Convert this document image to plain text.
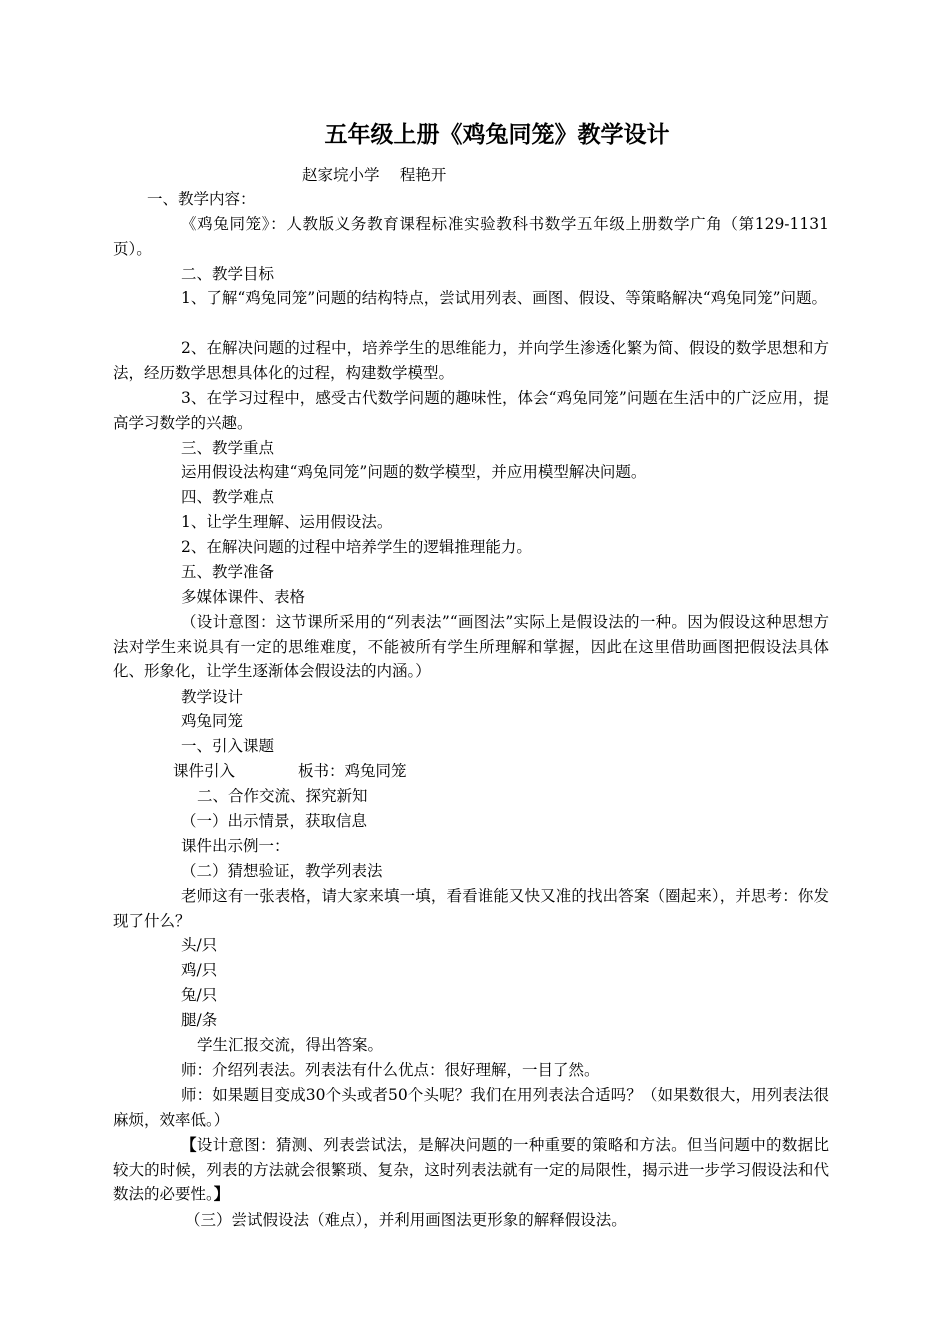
五年级上册《鸡兔同笼》教学设计
赵家垸小学　 程艳开
一、教学内容：
《鸡兔同笼》：人教版义务教育课程标准实验教科书数学五年级上册数学广角（第129-1131页）。
二、教学目标
1、了解“鸡兔同笼”问题的结构特点，尝试用列表、画图、假设、等策略解决“鸡兔同笼”问题。
2、在解决问题的过程中，培养学生的思维能力，并向学生渗透化繁为简、假设的数学思想和方法，经历数学思想具体化的过程，构建数学模型。
3、在学习过程中，感受古代数学问题的趣味性，体会“鸡兔同笼”问题在生活中的广泛应用，提高学习数学的兴趣。
三、教学重点
运用假设法构建“鸡兔同笼”问题的数学模型，并应用模型解决问题。
四、教学难点
1、让学生理解、运用假设法。
2、在解决问题的过程中培养学生的逻辑推理能力。
五、教学准备
多媒体课件、表格
（设计意图：这节课所采用的“列表法”“画图法”实际上是假设法的一种。因为假设这种思想方法对学生来说具有一定的思维难度，不能被所有学生所理解和掌握，因此在这里借助画图把假设法具体化、形象化，让学生逐渐体会假设法的内涵。）
教学设计
鸡兔同笼
一、引入课题
课件引入	板书：鸡兔同笼
二、合作交流、探究新知
（一）出示情景，获取信息
课件出示例一：
（二）猜想验证，教学列表法
老师这有一张表格，请大家来填一填，看看谁能又快又准的找出答案（圈起来），并思考：你发现了什么？
头/只
鸡/只
兔/只
腿/条
学生汇报交流，得出答案。
师：介绍列表法。列表法有什么优点：很好理解，一目了然。
师：如果题目变成30个头或者50个头呢？我们在用列表法合适吗？（如果数很大，用列表法很麻烦，效率低。）
【设计意图：猜测、列表尝试法，是解决问题的一种重要的策略和方法。但当问题中的数据比较大的时候，列表的方法就会很繁琐、复杂，这时列表法就有一定的局限性，揭示进一步学习假设法和代数法的必要性。】
（三）尝试假设法（难点），并利用画图法更形象的解释假设法。
